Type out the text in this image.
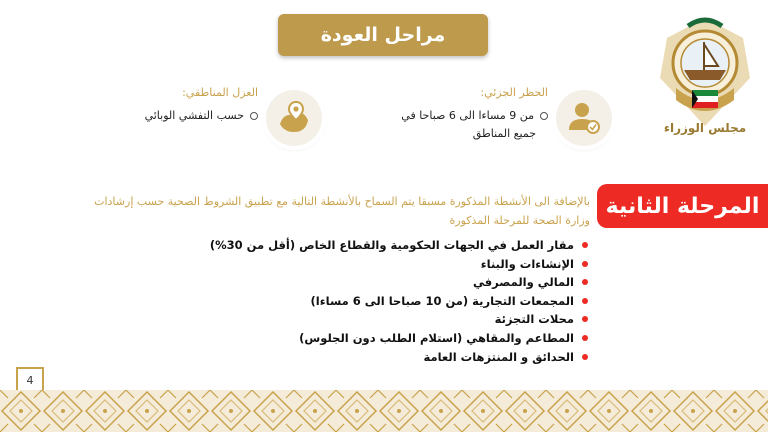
مراحل العودة
مجلس الوزراء
الحظر الجزئي:
من 9 مساءا الى 6 صباحا في
جميع المناطق
العزل المناطقي:
حسب التفشي الوبائي
المرحلة الثانية
بالإضافة الى الأنشطة المذكورة مسبقا يتم السماح بالأنشطة التالية مع تطبيق الشروط الصحية حسب إرشادات وزارة الصحة للمرحلة المذكورة
مقار العمل في الجهات الحكومية والقطاع الخاص (أقل من 30%)
الإنشاءات والبناء
المالي والمصرفي
المجمعات التجارية (من 10 صباحا الى 6 مساءا)
محلات التجزئة
المطاعم والمقاهي (استلام الطلب دون الجلوس)
الحدائق و المنتزهات العامة
4
